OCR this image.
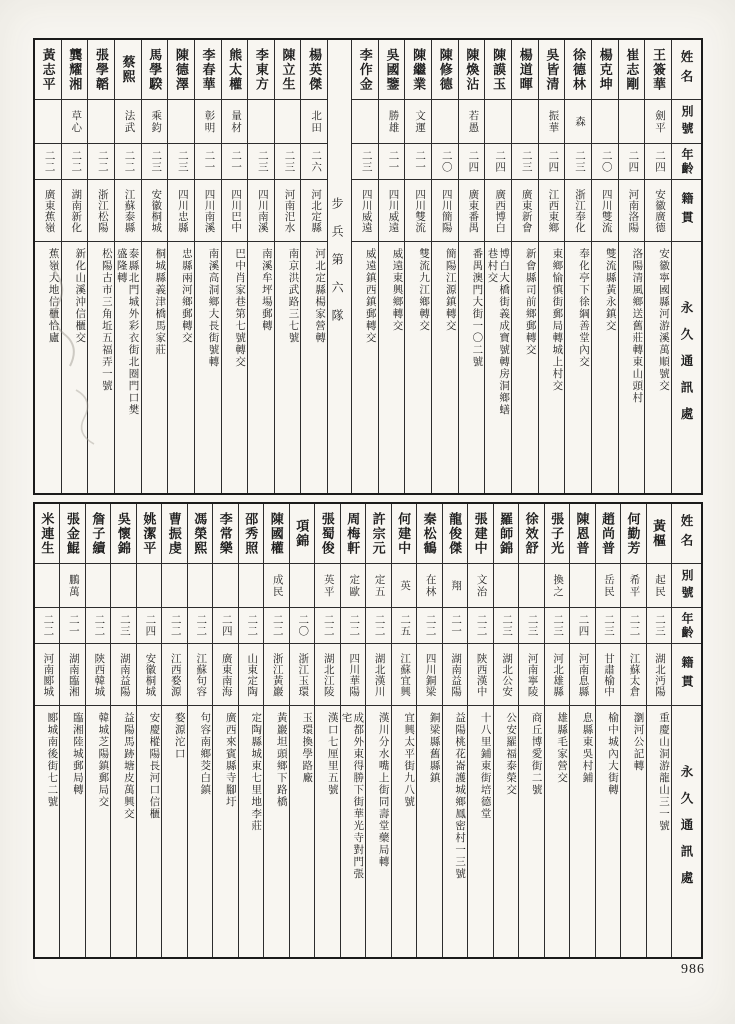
姓名
別號
年齡
籍貫
永久通訊處
王簽華
劍平
二四
安徽廣德
安徽寧國縣河游溪萬順號交
崔志剛
二四
河南洛陽
洛陽清風鄉送舊莊轉東山頭村
楊克坤
二〇
四川雙流
雙流縣黃永鎮交
徐德林
森
二三
浙江奉化
奉化亭下徐綱善堂內交
吳皆清
振華
二四
江西東鄉
東鄉愉慎街郵局轉城上村交
楊道暉
二三
廣東新會
新會縣司前鄉郵轉交
陳謨玉
二四
廣西博白
博白大橋街義成寶號轉房洞鄉蟮巷村交
陳煥沾
若愚
二四
廣東番禺
番禺澳門大街一〇二號
陳修德
二〇
四川簡陽
簡陽江源鎮轉交
陳繼業
文運
二一
四川雙流
雙流九江鄉轉交
吳國鑒
勝雄
二一
四川威遠
威遠東興鄉轉交
李作金
二三
四川威遠
威遠鎮西鎮郵轉交
步兵第六隊
楊英傑
北田
二六
河北定縣
河北定縣楊家營轉
陳立生
二三
河南汜水
南京洪武路三七號
李東方
二三
四川南溪
南溪牟坪場郵轉
熊太權
量材
二一
四川巴中
巴中肖家巷第七號轉交
李春華
彰明
二一
四川南溪
南溪高洞鄉大長街號轉
陳德澤
二三
四川忠縣
忠縣兩河鄉郵轉交
馬學騤
乘鈞
二三
安徽桐城
桐城縣義津橋馬家莊
蔡熙
法武
二二
江蘇泰縣
泰縣北門城外彩衣街北圈門口樊盛隆轉
張學韜
二二
浙江松陽
松陽古市三角坵五福弄一號
龔耀湘
草心
二二
湖南新化
新化山溪沖信櫃交
黃志平
二二
廣東蕉嶺
蕉嶺大地信櫃恰廬
姓名
別號
年齡
籍貫
永久通訊處
黃樞
起民
二三
湖北沔陽
重慶山洞游龍山三一號
何勤芳
希平
二二
江蘇太倉
瀏河公記轉
趙尚普
岳民
二三
甘肅榆中
榆中城內大街轉
陳恩普
二四
河南息縣
息縣東吳村鋪
張子光
換之
二三
河北雄縣
雄縣毛家營交
徐效舒
二三
河南寧陵
商丘博愛街二號
羅師錦
二三
湖北公安
公安羅福泰榮交
張建中
文治
二二
陝西漢中
十八里鋪東街培德堂
龍俊傑
翔
二一
湖南益陽
益陽桃花崙護城鄉鳳密村一三號
秦松鶴
在林
二二
四川銅梁
銅梁縣舊縣鎮
何建中
英
二五
江蘇宜興
宜興太平街九八號
許宗元
定五
二二
湖北漢川
漢川分水嘴上街同壽堂藥局轉
周梅軒
定歐
二二
四川華陽
成都外東得勝下街華光寺對門張宅
張蜀俊
英平
二二
湖北江陵
漢口七厘里五號
項錦
二〇
浙江玉環
玉環換學路廠
陳國權
成民
二二
浙江黃巖
黃巖坦頭鄉下路橋
邵秀照
二二
山東定陶
定陶縣城東七里地李莊
李常樂
二四
廣東南海
廣西來賓縣寺腳圩
馮榮熙
二二
江蘇句容
句容南鄉茭白鎮
曹振虔
二二
江西婺源
婺源沱口
姚潔平
二四
安徽桐城
安慶樅陽長河口信櫃
吳懷錦
二三
湖南益陽
益陽馬跡塘皮萬興交
詹子續
二二
陝西韓城
韓城芝陽鎮郵局交
張金鯤
鵬萬
二一
湖南臨湘
臨湘陸城郵局轉
米連生
二二
河南郾城
郾城南後街七二號
986
